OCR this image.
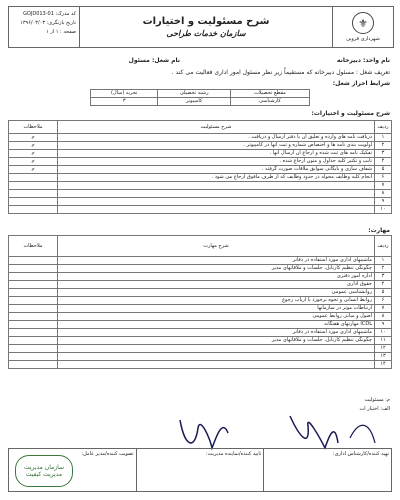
⚜
شهرداری قزوین
شرح مسئولیت و اختیارات
سازمان خدمات طراحی
کد مدرک: GOJD013-01
تاریخ بازنگری: ۱۳۹۶/۰۳/۰۳
صفحه : ۱ از ۱
نام واحد: دبیرخانه
نام شغل: مسئول
تعریف شغل : مسئول دبیرخانه که مستقیماً زیر نظر مسئول امور اداری فعالیت می کند .
شرایط احراز شغل:
مقطع تحصیلات	رشته تحصیلی	تجربه (سال)
کارشناسی	کامپیوتر	۳
شرح مسئولیت و اختیارات:
ردیف	شرح مسئولیت	ملاحظات
۱	دریافت نامه های وارده و تعلیق آن با دفتر ارسال و دریافت .	م
۲	اولویت بندی نامه ها و اختصاص شماره و ثبت آنها در کامپیوتر .	م
۳	تفکیک نامه های ثبت شده و ارجاع آن ارسال آنها .	م
۴	تایپ و تکثیر کلیه جداول و متون ارجاع شده .	م
۵	شفاف سازی و بایگانی سوابق ملاقات صورت گرفته .	م
۶	انجام کلیه وظایف محوله در حدود وظایف که از طرف مافوق ارجاع می شود .	
۷		
۸		
۹		
۱۰		
مهارت:
ردیف	شرح مهارت	ملاحظات
۱	ماشینهای اداری مورد استفاده در دفاتر	
۲	چگونگی تنظیم کارتابل، جلسات و ملاقاتهای مدیر	
۳	اداره امور دفتری	
۴	حقوق اداری	
۵	روانشناسی عمومی	
۶	روابط انسانی و نحوه برخورد با ارباب رجوع	
۷	ارتباطات موثر در سازمانها	
۸	اصول و مبانی روابط عمومی	
۹	ICDL مهارتهای هفتگانه	
۱۰	ماشینهای اداری مورد استفاده در دفاتر	
۱۱	چگونگی تنظیم کارتابل، جلسات و ملاقاتهای مدیر	
۱۲		
۱۳		
۱۴		
م: مسئولیت
الف: اختیار ا‌ت
تهیه کننده/کارشناس اداری:
تایید کننده/نماینده مدیریت:
تصویب کننده/مدیر عامل:
سازمان مدیریت
مدیریت کیفیت
